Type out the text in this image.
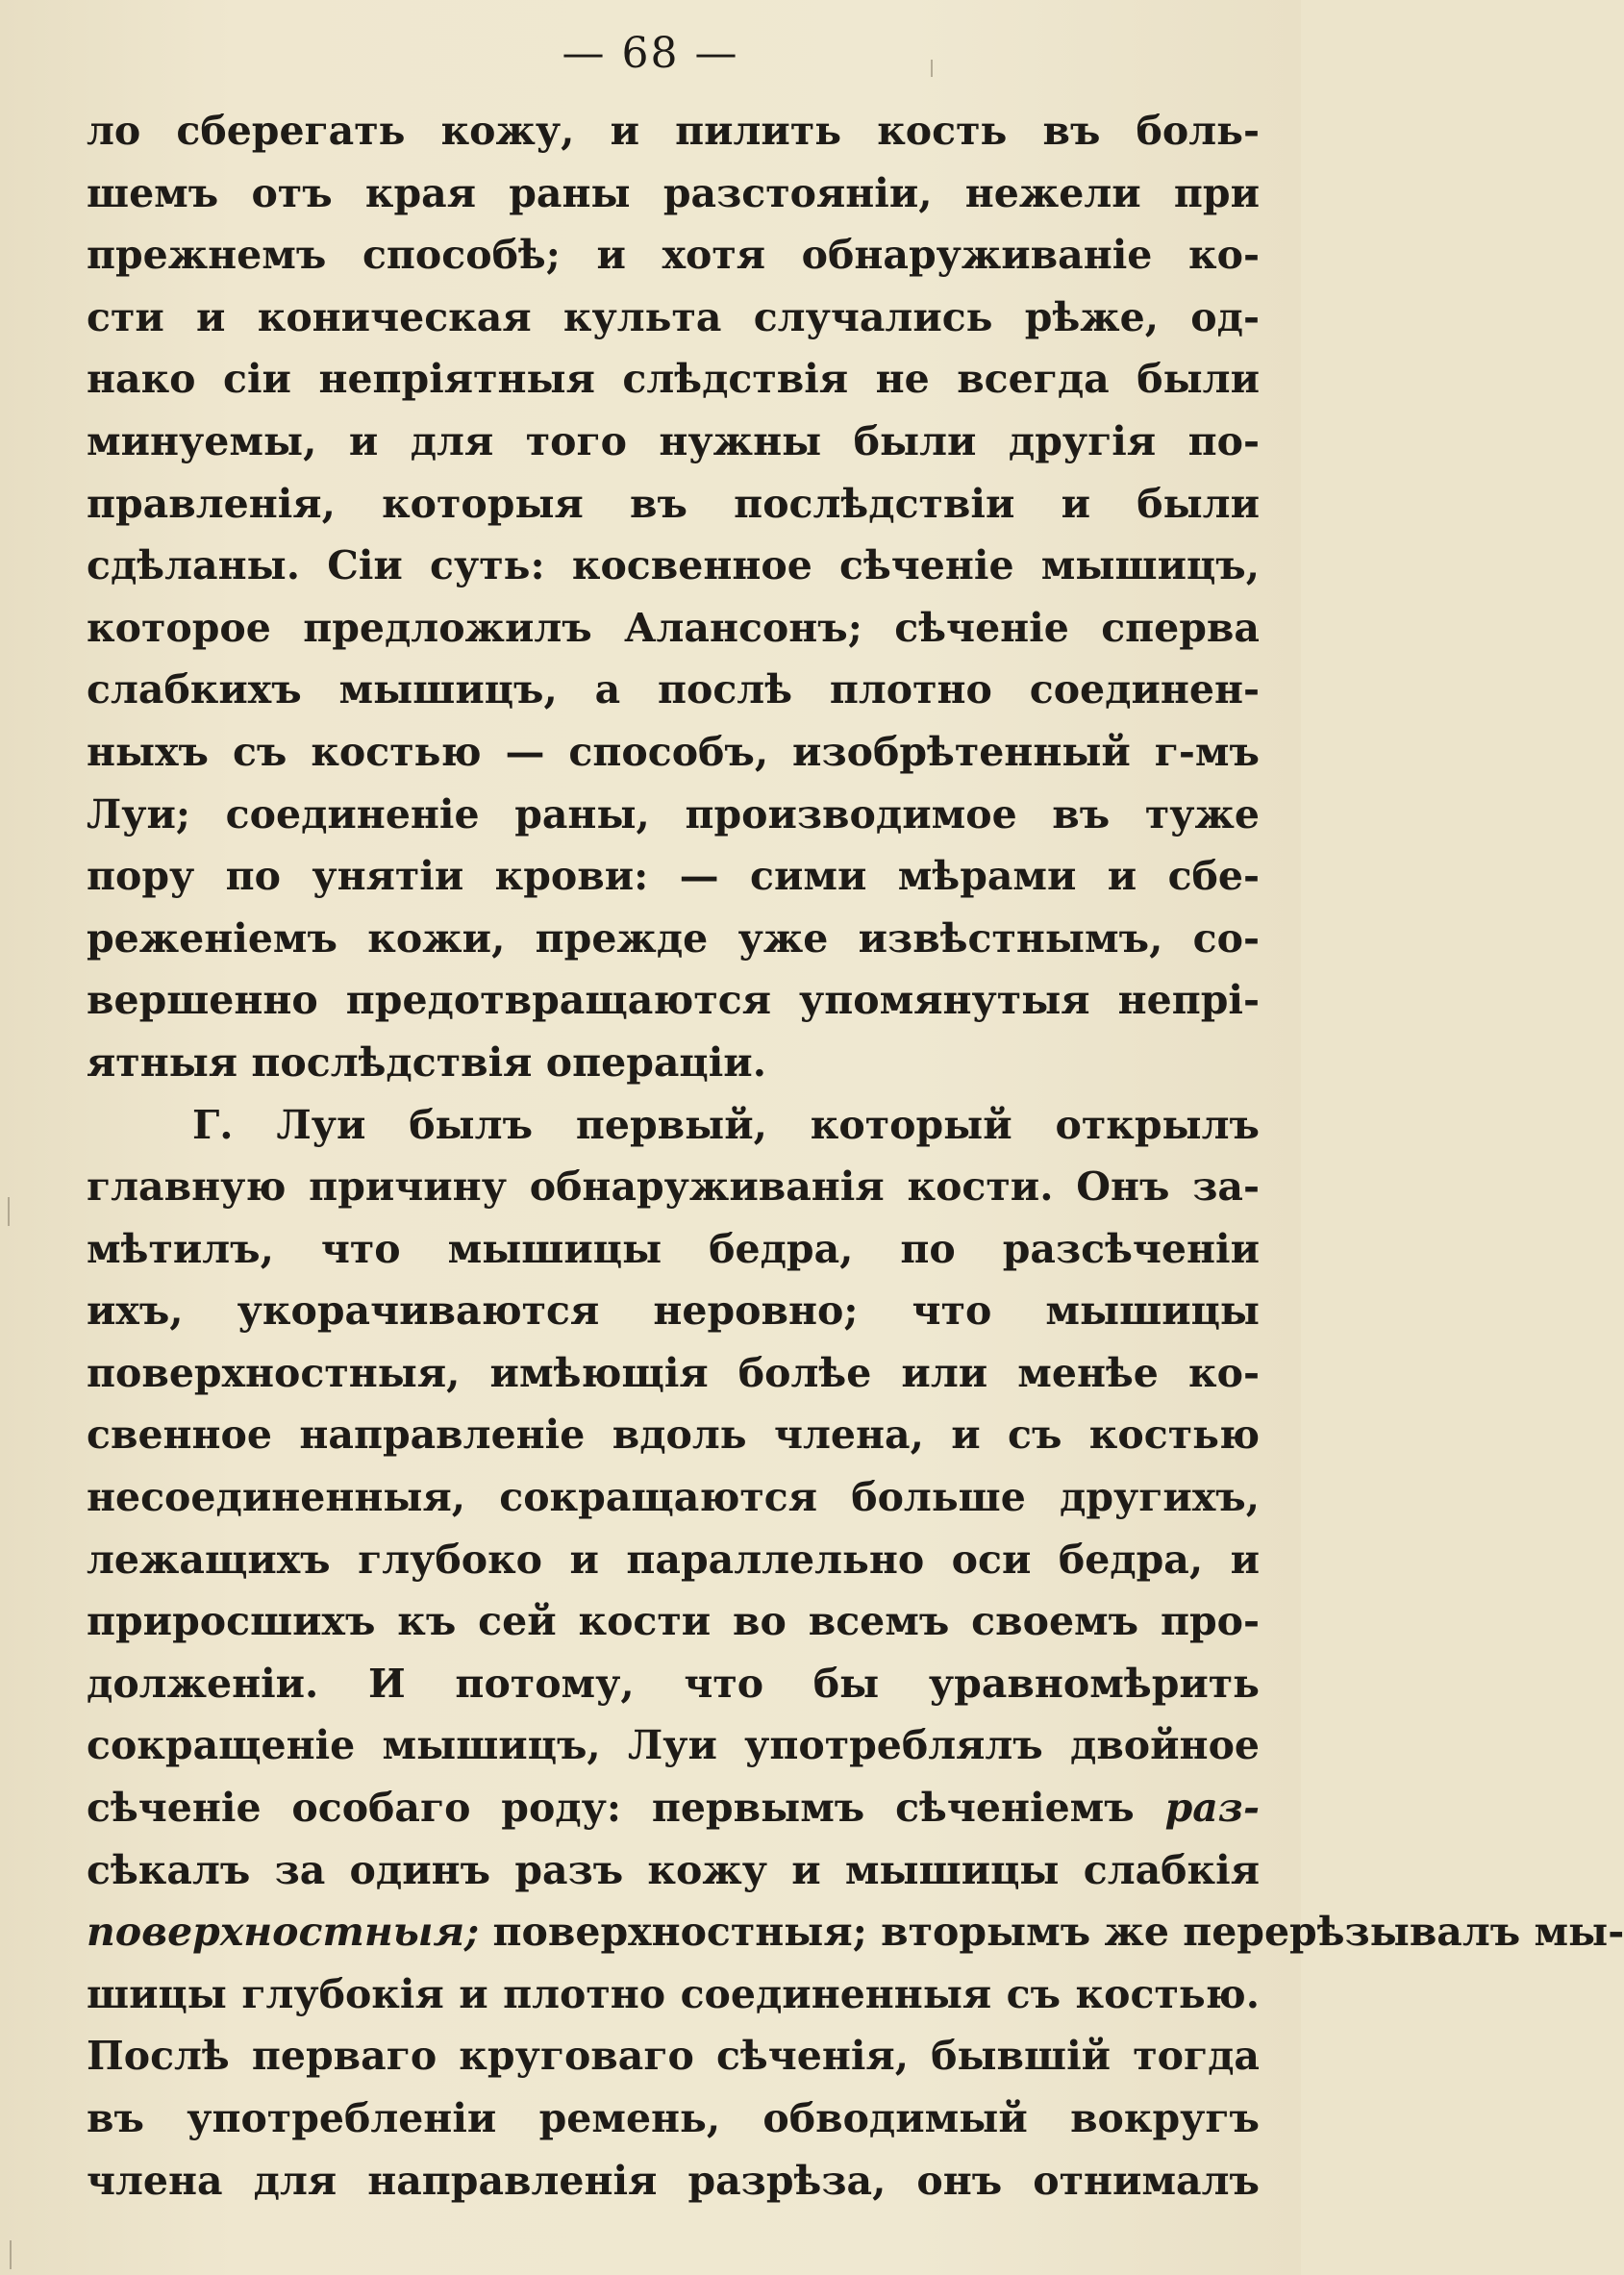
— 68 —
ло сберегать кожу, и пилить кость въ боль-
шемъ отъ края раны разстояніи, нежели при
прежнемъ способѣ; и хотя обнаруживаніе ко-
сти и коническая культа случались рѣже, од-
нако сіи непріятныя слѣдствія не всегда были
минуемы, и для того нужны были другія по-
правленія, которыя въ послѣдствіи и были
сдѣланы. Сіи суть: косвенное сѣченіе мышицъ,
которое предложилъ Алансонъ; сѣченіе сперва
слабкихъ мышицъ, а послѣ плотно соединен-
ныхъ съ костью — способъ, изобрѣтенный г-мъ
Луи; соединеніе раны, производимое въ туже
пору по унятіи крови: — сими мѣрами и сбе-
реженіемъ кожи, прежде уже извѣстнымъ, со-
вершенно предотвращаются упомянутыя непрі-
ятныя послѣдствія операціи.
Г. Луи былъ первый, который открылъ
главную причину обнаруживанія кости. Онъ за-
мѣтилъ, что мышицы бедра, по разсѣченіи
ихъ, укорачиваются неровно; что мышицы
поверхностныя, имѣющія болѣе или менѣе ко-
свенное направленіе вдоль члена, и съ костью
несоединенныя, сокращаются больше другихъ,
лежащихъ глубоко и параллельно оси бедра, и
приросшихъ къ сей кости во всемъ своемъ про-
долженіи. И потому, что бы уравномѣрить
сокращеніе мышицъ, Луи употреблялъ двойное
сѣченіе особаго роду: первымъ сѣченіемъ раз-
сѣкалъ за одинъ разъ кожу и мышицы слабкія
поверхностныя; поверхностныя; вторымъ же перерѣзывалъ мы-
шицы глубокія и плотно соединенныя съ костью.
Послѣ перваго круговаго сѣченія, бывшій тогда
въ употребленіи ремень, обводимый вокругъ
члена для направленія разрѣза, онъ отнималъ
